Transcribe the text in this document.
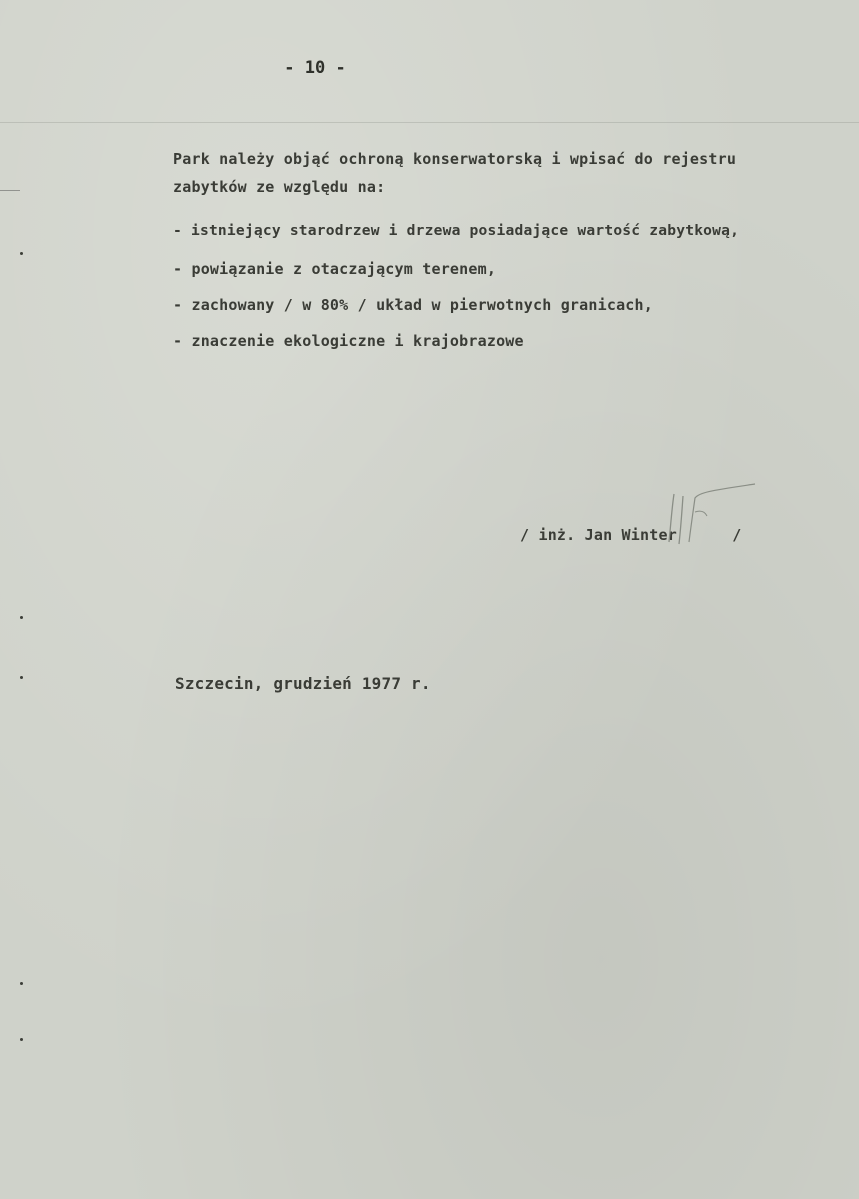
- 10 -
Park należy objąć ochroną konserwatorską i wpisać do rejestru
zabytków ze względu na:
- istniejący starodrzew i drzewa posiadające wartość zabytkową,
- powiązanie z otaczającym terenem,
- zachowany / w 80% / układ w pierwotnych granicach,
- znaczenie ekologiczne i krajobrazowe
/ inż. Jan Winter      /
Szczecin, grudzień 1977 r.
